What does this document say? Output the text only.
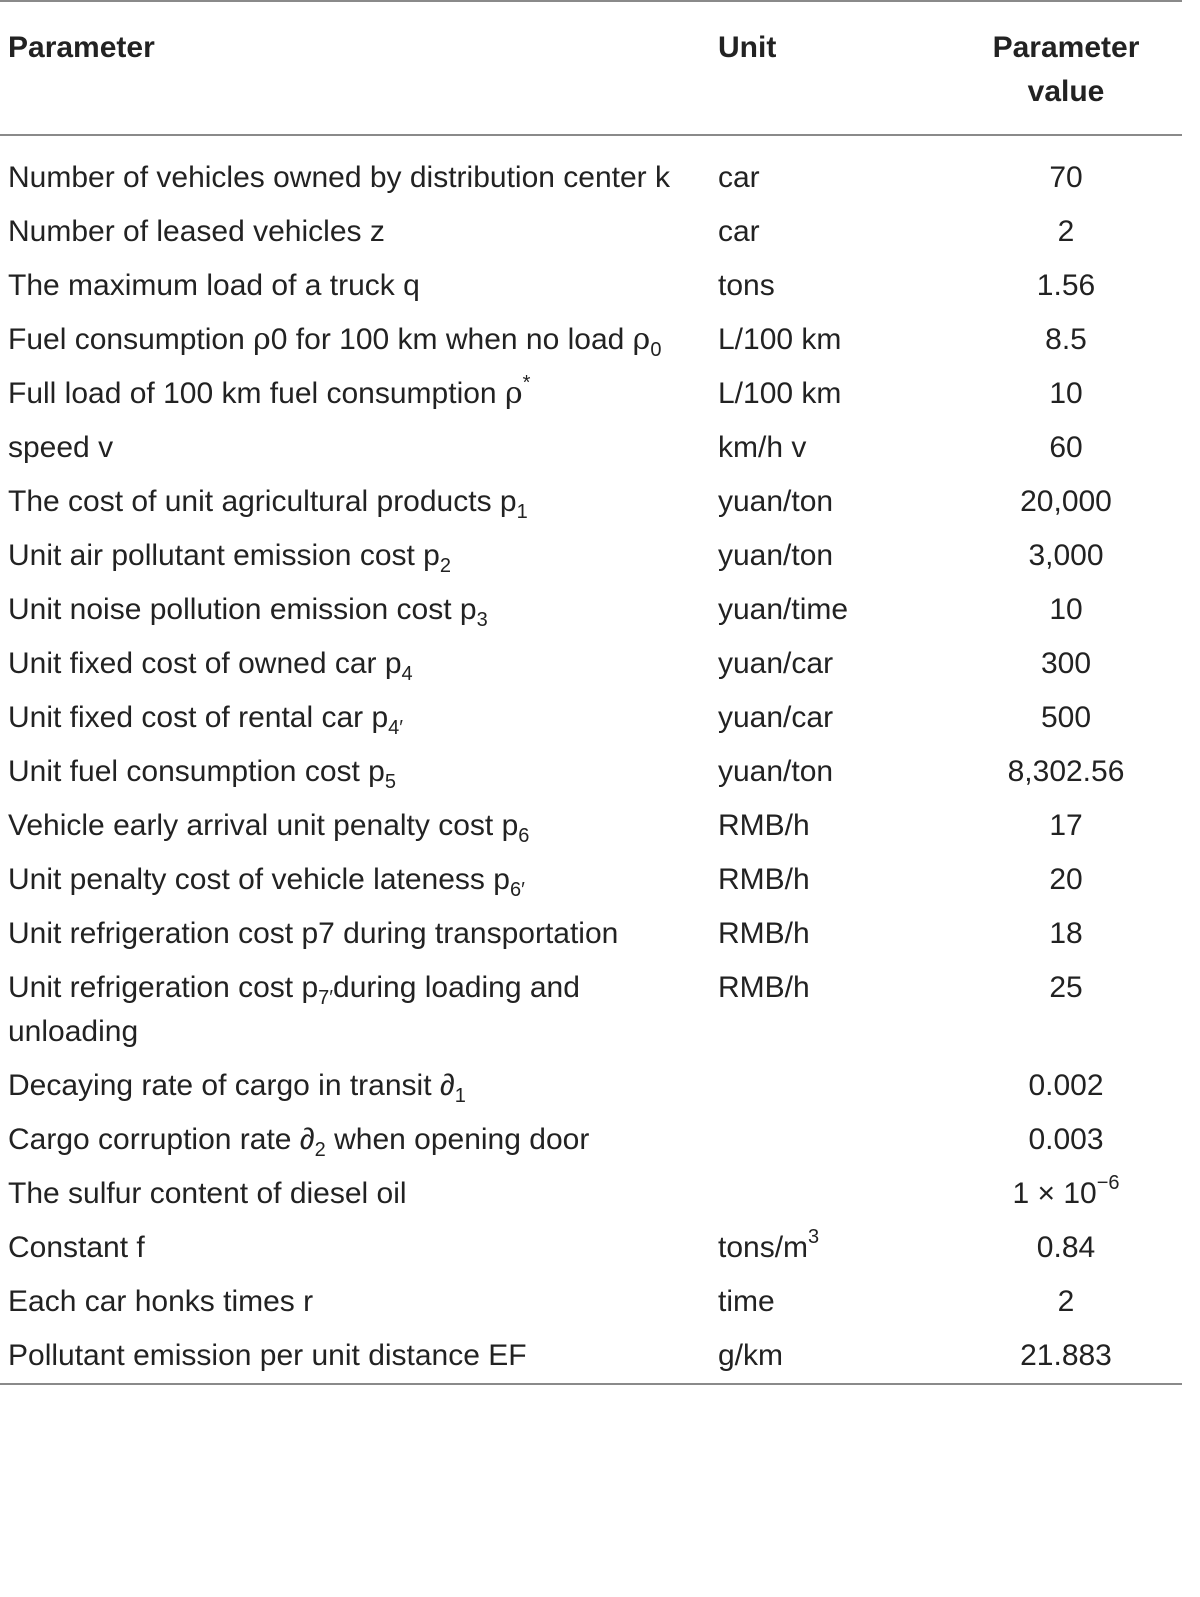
Parameter	Unit	Parameter value
Number of vehicles owned by distribution center k	car	70
Number of leased vehicles z	car	2
The maximum load of a truck q	tons	1.56
Fuel consumption ρ0 for 100 km when no load $\rho_0$	L/100 km	8.5
Full load of 100 km fuel consumption ρ*	L/100 km	10
speed v	km/h v	60
The cost of unit agricultural products $p_1$	yuan/ton	20,000
Unit air pollutant emission cost $p_2$	yuan/ton	3,000
Unit noise pollution emission cost $p_3$	yuan/time	10
Unit fixed cost of owned car $p_4$	yuan/car	300
Unit fixed cost of rental car $p_{4'}$	yuan/car	500
Unit fuel consumption cost $p_5$	yuan/ton	8,302.56
Vehicle early arrival unit penalty cost $p_6$	RMB/h	17
Unit penalty cost of vehicle lateness $p_{6'}$	RMB/h	20
Unit refrigeration cost p7 during transportation	RMB/h	18
Unit refrigeration cost $p_{7'}during$ loading and unloading	RMB/h	25
Decaying rate of cargo in transit $\partial_1$		0.002
Cargo corruption rate $\partial_2$ when opening door		0.003
The sulfur content of diesel oil		$1 \times 10^{-6}$
Constant f	tons/$m^3$	0.84
Each car honks times r	time	2
Pollutant emission per unit distance EF	g/km	21.883
